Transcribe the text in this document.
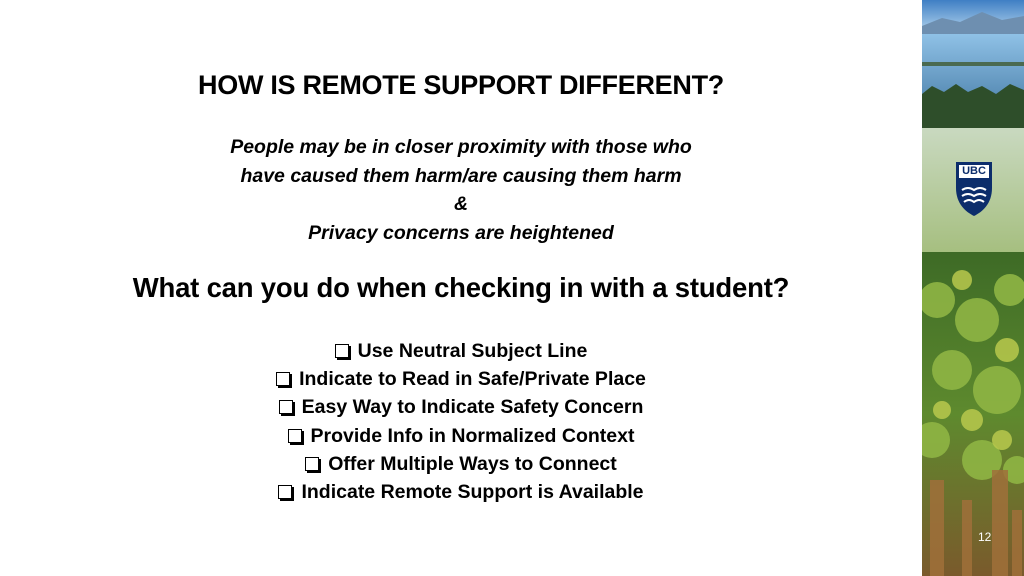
HOW IS REMOTE SUPPORT DIFFERENT?
People may be in closer proximity with those who
have caused them harm/are causing them harm
&
Privacy concerns are heightened
What can you do when checking in with a student?
Use Neutral Subject Line
Indicate to Read in Safe/Private Place
Easy Way to Indicate Safety Concern
Provide Info in Normalized Context
Offer Multiple Ways to Connect
Indicate Remote Support is Available
UBC
12
